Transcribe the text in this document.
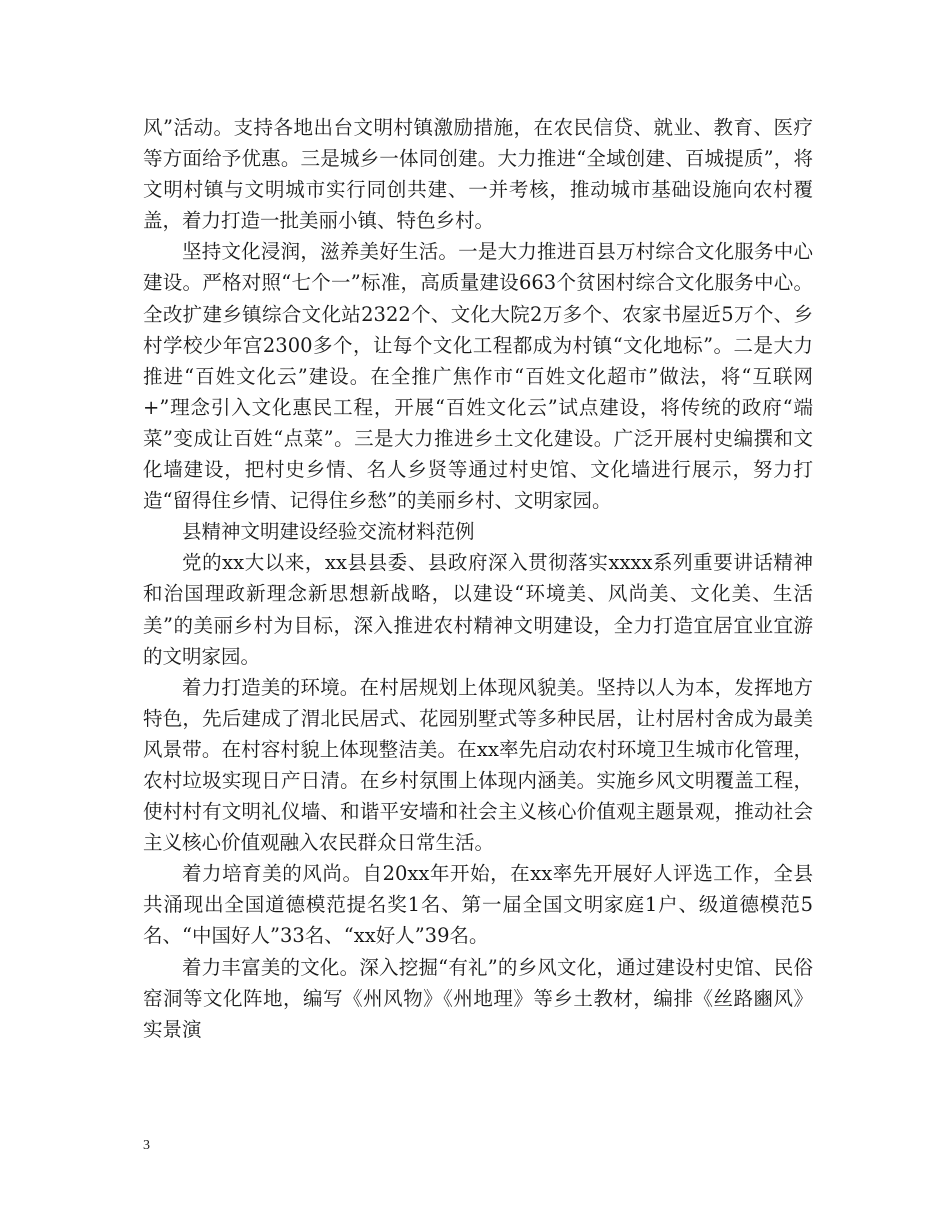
风”活动。支持各地出台文明村镇激励措施，在农民信贷、就业、教育、医疗等方面给予优惠。三是城乡一体同创建。大力推进“全域创建、百城提质”，将文明村镇与文明城市实行同创共建、一并考核，推动城市基础设施向农村覆盖，着力打造一批美丽小镇、特色乡村。

坚持文化浸润，滋养美好生活。一是大力推进百县万村综合文化服务中心建设。严格对照“七个一”标准，高质量建设663个贫困村综合文化服务中心。全改扩建乡镇综合文化站2322个、文化大院2万多个、农家书屋近5万个、乡村学校少年宫2300多个，让每个文化工程都成为村镇“文化地标”。二是大力推进“百姓文化云”建设。在全推广焦作市“百姓文化超市”做法，将“互联网+”理念引入文化惠民工程，开展“百姓文化云”试点建设，将传统的政府“端菜”变成让百姓“点菜”。三是大力推进乡土文化建设。广泛开展村史编撰和文化墙建设，把村史乡情、名人乡贤等通过村史馆、文化墙进行展示，努力打造“留得住乡情、记得住乡愁”的美丽乡村、文明家园。

县精神文明建设经验交流材料范例

党的xx大以来，xx县县委、县政府深入贯彻落实xxxx系列重要讲话精神和治国理政新理念新思想新战略，以建设“环境美、风尚美、文化美、生活美”的美丽乡村为目标，深入推进农村精神文明建设，全力打造宜居宜业宜游的文明家园。

着力打造美的环境。在村居规划上体现风貌美。坚持以人为本，发挥地方特色，先后建成了渭北民居式、花园别墅式等多种民居，让村居村舍成为最美风景带。在村容村貌上体现整洁美。在xx率先启动农村环境卫生城市化管理，农村垃圾实现日产日清。在乡村氛围上体现内涵美。实施乡风文明覆盖工程，使村村有文明礼仪墙、和谐平安墙和社会主义核心价值观主题景观，推动社会主义核心价值观融入农民群众日常生活。

着力培育美的风尚。自20xx年开始，在xx率先开展好人评选工作，全县共涌现出全国道德模范提名奖1名、第一届全国文明家庭1户、级道德模范5名、“中国好人”33名、“xx好人”39名。

着力丰富美的文化。深入挖掘“有礼”的乡风文化，通过建设村史馆、民俗窑洞等文化阵地，编写《州风物》《州地理》等乡土教材，编排《丝路豳风》实景演

3
